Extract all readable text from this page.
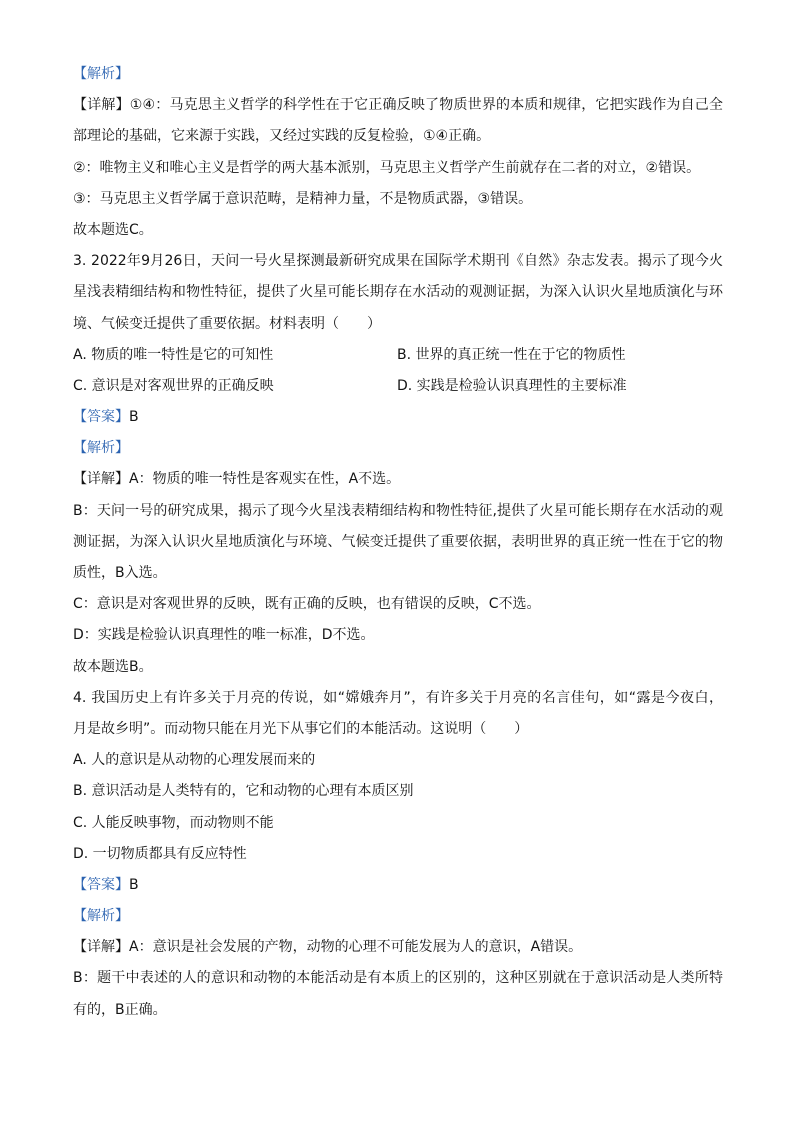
【解析】
【详解】①④：马克思主义哲学的科学性在于它正确反映了物质世界的本质和规律，它把实践作为自己全
部理论的基础，它来源于实践，又经过实践的反复检验，①④正确。
②：唯物主义和唯心主义是哲学的两大基本派别，马克思主义哲学产生前就存在二者的对立，②错误。
③：马克思主义哲学属于意识范畴，是精神力量，不是物质武器，③错误。
故本题选C。
3. 2022年9月26日，天问一号火星探测最新研究成果在国际学术期刊《自然》杂志发表。揭示了现今火
星浅表精细结构和物性特征，提供了火星可能长期存在水活动的观测证据，为深入认识火星地质演化与环
境、气候变迁提供了重要依据。材料表明（　　）
A. 物质的唯一特性是它的可知性	B. 世界的真正统一性在于它的物质性
C. 意识是对客观世界的正确反映	D. 实践是检验认识真理性的主要标准
【答案】B
【解析】
【详解】A：物质的唯一特性是客观实在性，A不选。
B：天问一号的研究成果，揭示了现今火星浅表精细结构和物性特征,提供了火星可能长期存在水活动的观
测证据，为深入认识火星地质演化与环境、气候变迁提供了重要依据，表明世界的真正统一性在于它的物
质性，B入选。
C：意识是对客观世界的反映，既有正确的反映，也有错误的反映，C不选。
D：实践是检验认识真理性的唯一标准，D不选。
故本题选B。
4. 我国历史上有许多关于月亮的传说，如“嫦娥奔月”，有许多关于月亮的名言佳句，如“露是今夜白，
月是故乡明”。而动物只能在月光下从事它们的本能活动。这说明（　　）
A. 人的意识是从动物的心理发展而来的
B. 意识活动是人类特有的，它和动物的心理有本质区别
C. 人能反映事物，而动物则不能
D. 一切物质都具有反应特性
【答案】B
【解析】
【详解】A：意识是社会发展的产物，动物的心理不可能发展为人的意识，A错误。
B：题干中表述的人的意识和动物的本能活动是有本质上的区别的，这种区别就在于意识活动是人类所特
有的，B正确。
